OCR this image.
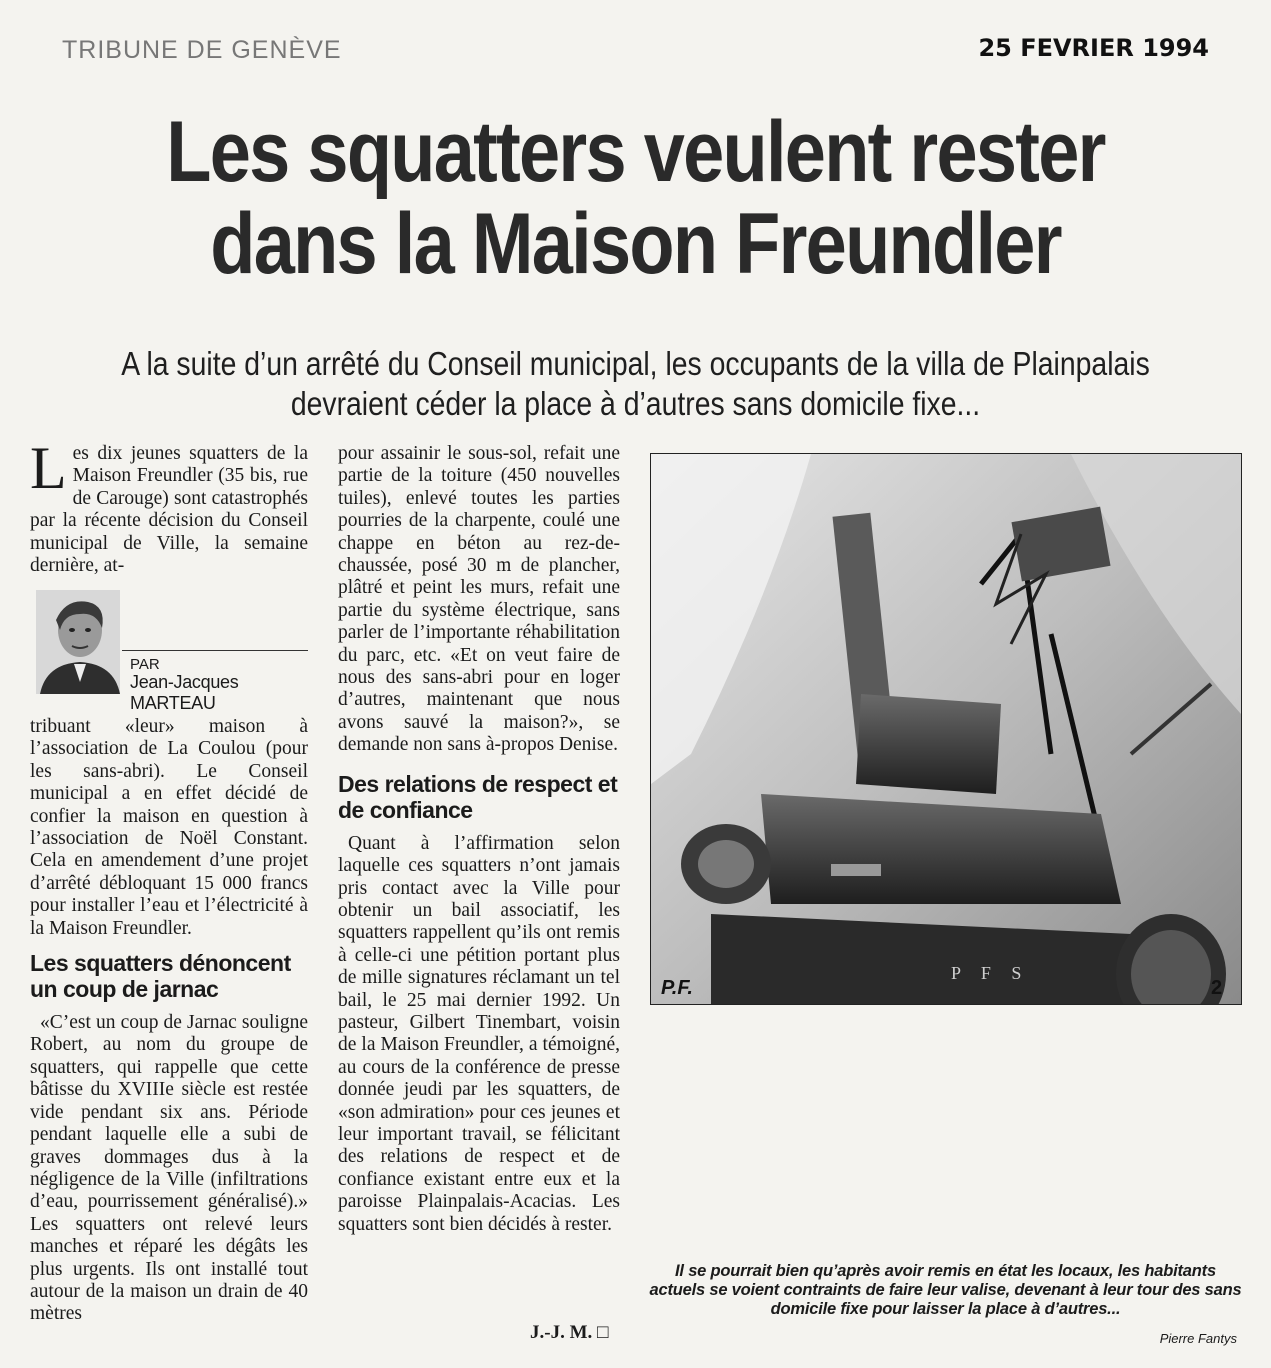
TRIBUNE DE GENÈVE	25 FEVRIER 1994
Les squatters veulent rester
dans la Maison Freundler
A la suite d’un arrêté du Conseil municipal, les occupants de la villa de Plainpalais
devraient céder la place à d’autres sans domicile fixe...

Les dix jeunes squatters de la Maison Freundler (35 bis, rue de Carouge) sont catastrophés par la récente décision du Conseil municipal de Ville, la semaine dernière, at-

PAR
Jean-Jacques MARTEAU

tribuant «leur» maison à l’association de La Coulou (pour les sans-abri). Le Conseil municipal a en effet décidé de confier la maison en question à l’association de Noël Constant. Cela en amendement d’une projet d’arrêté débloquant 15 000 francs pour installer l’eau et l’électricité à la Maison Freundler.

Les squatters dénoncent un coup de jarnac

«C’est un coup de Jarnac souligne Robert, au nom du groupe de squatters, qui rappelle que cette bâtisse du XVIIIe siècle est restée vide pendant six ans. Période pendant laquelle elle a subi de graves dommages dus à la négligence de la Ville (infiltrations d’eau, pourrissement généralisé).» Les squatters ont relevé leurs manches et réparé les dégâts les plus urgents. Ils ont installé tout autour de la maison un drain de 40 mètres

pour assainir le sous-sol, refait une partie de la toiture (450 nouvelles tuiles), enlevé toutes les parties pourries de la charpente, coulé une chappe en béton au rez-de-chaussée, posé 30 m de plancher, plâtré et peint les murs, refait une partie du système électrique, sans parler de l’importante réhabilitation du parc, etc. «Et on veut faire de nous des sans-abri pour en loger d’autres, maintenant que nous avons sauvé la maison?», se demande non sans à-propos Denise.

Des relations de respect et de confiance

Quant à l’affirmation selon laquelle ces squatters n’ont jamais pris contact avec la Ville pour obtenir un bail associatif, les squatters rappellent qu’ils ont remis à celle-ci une pétition portant plus de mille signatures réclamant un tel bail, le 25 mai dernier 1992. Un pasteur, Gilbert Tinembart, voisin de la Maison Freundler, a témoigné, au cours de la conférence de presse donnée jeudi par les squatters, de «son admiration» pour ces jeunes et leur important travail, se félicitant des relations de respect et de confiance existant entre eux et la paroisse Plainpalais-Acacias. Les squatters sont bien décidés à rester.

J.-J. M. □
P F S
P.F.	2
Il se pourrait bien qu’après avoir remis en état les locaux, les habitants actuels se voient contraints de faire leur valise, devenant à leur tour des sans domicile fixe pour laisser la place à d’autres...
Pierre Fantys
